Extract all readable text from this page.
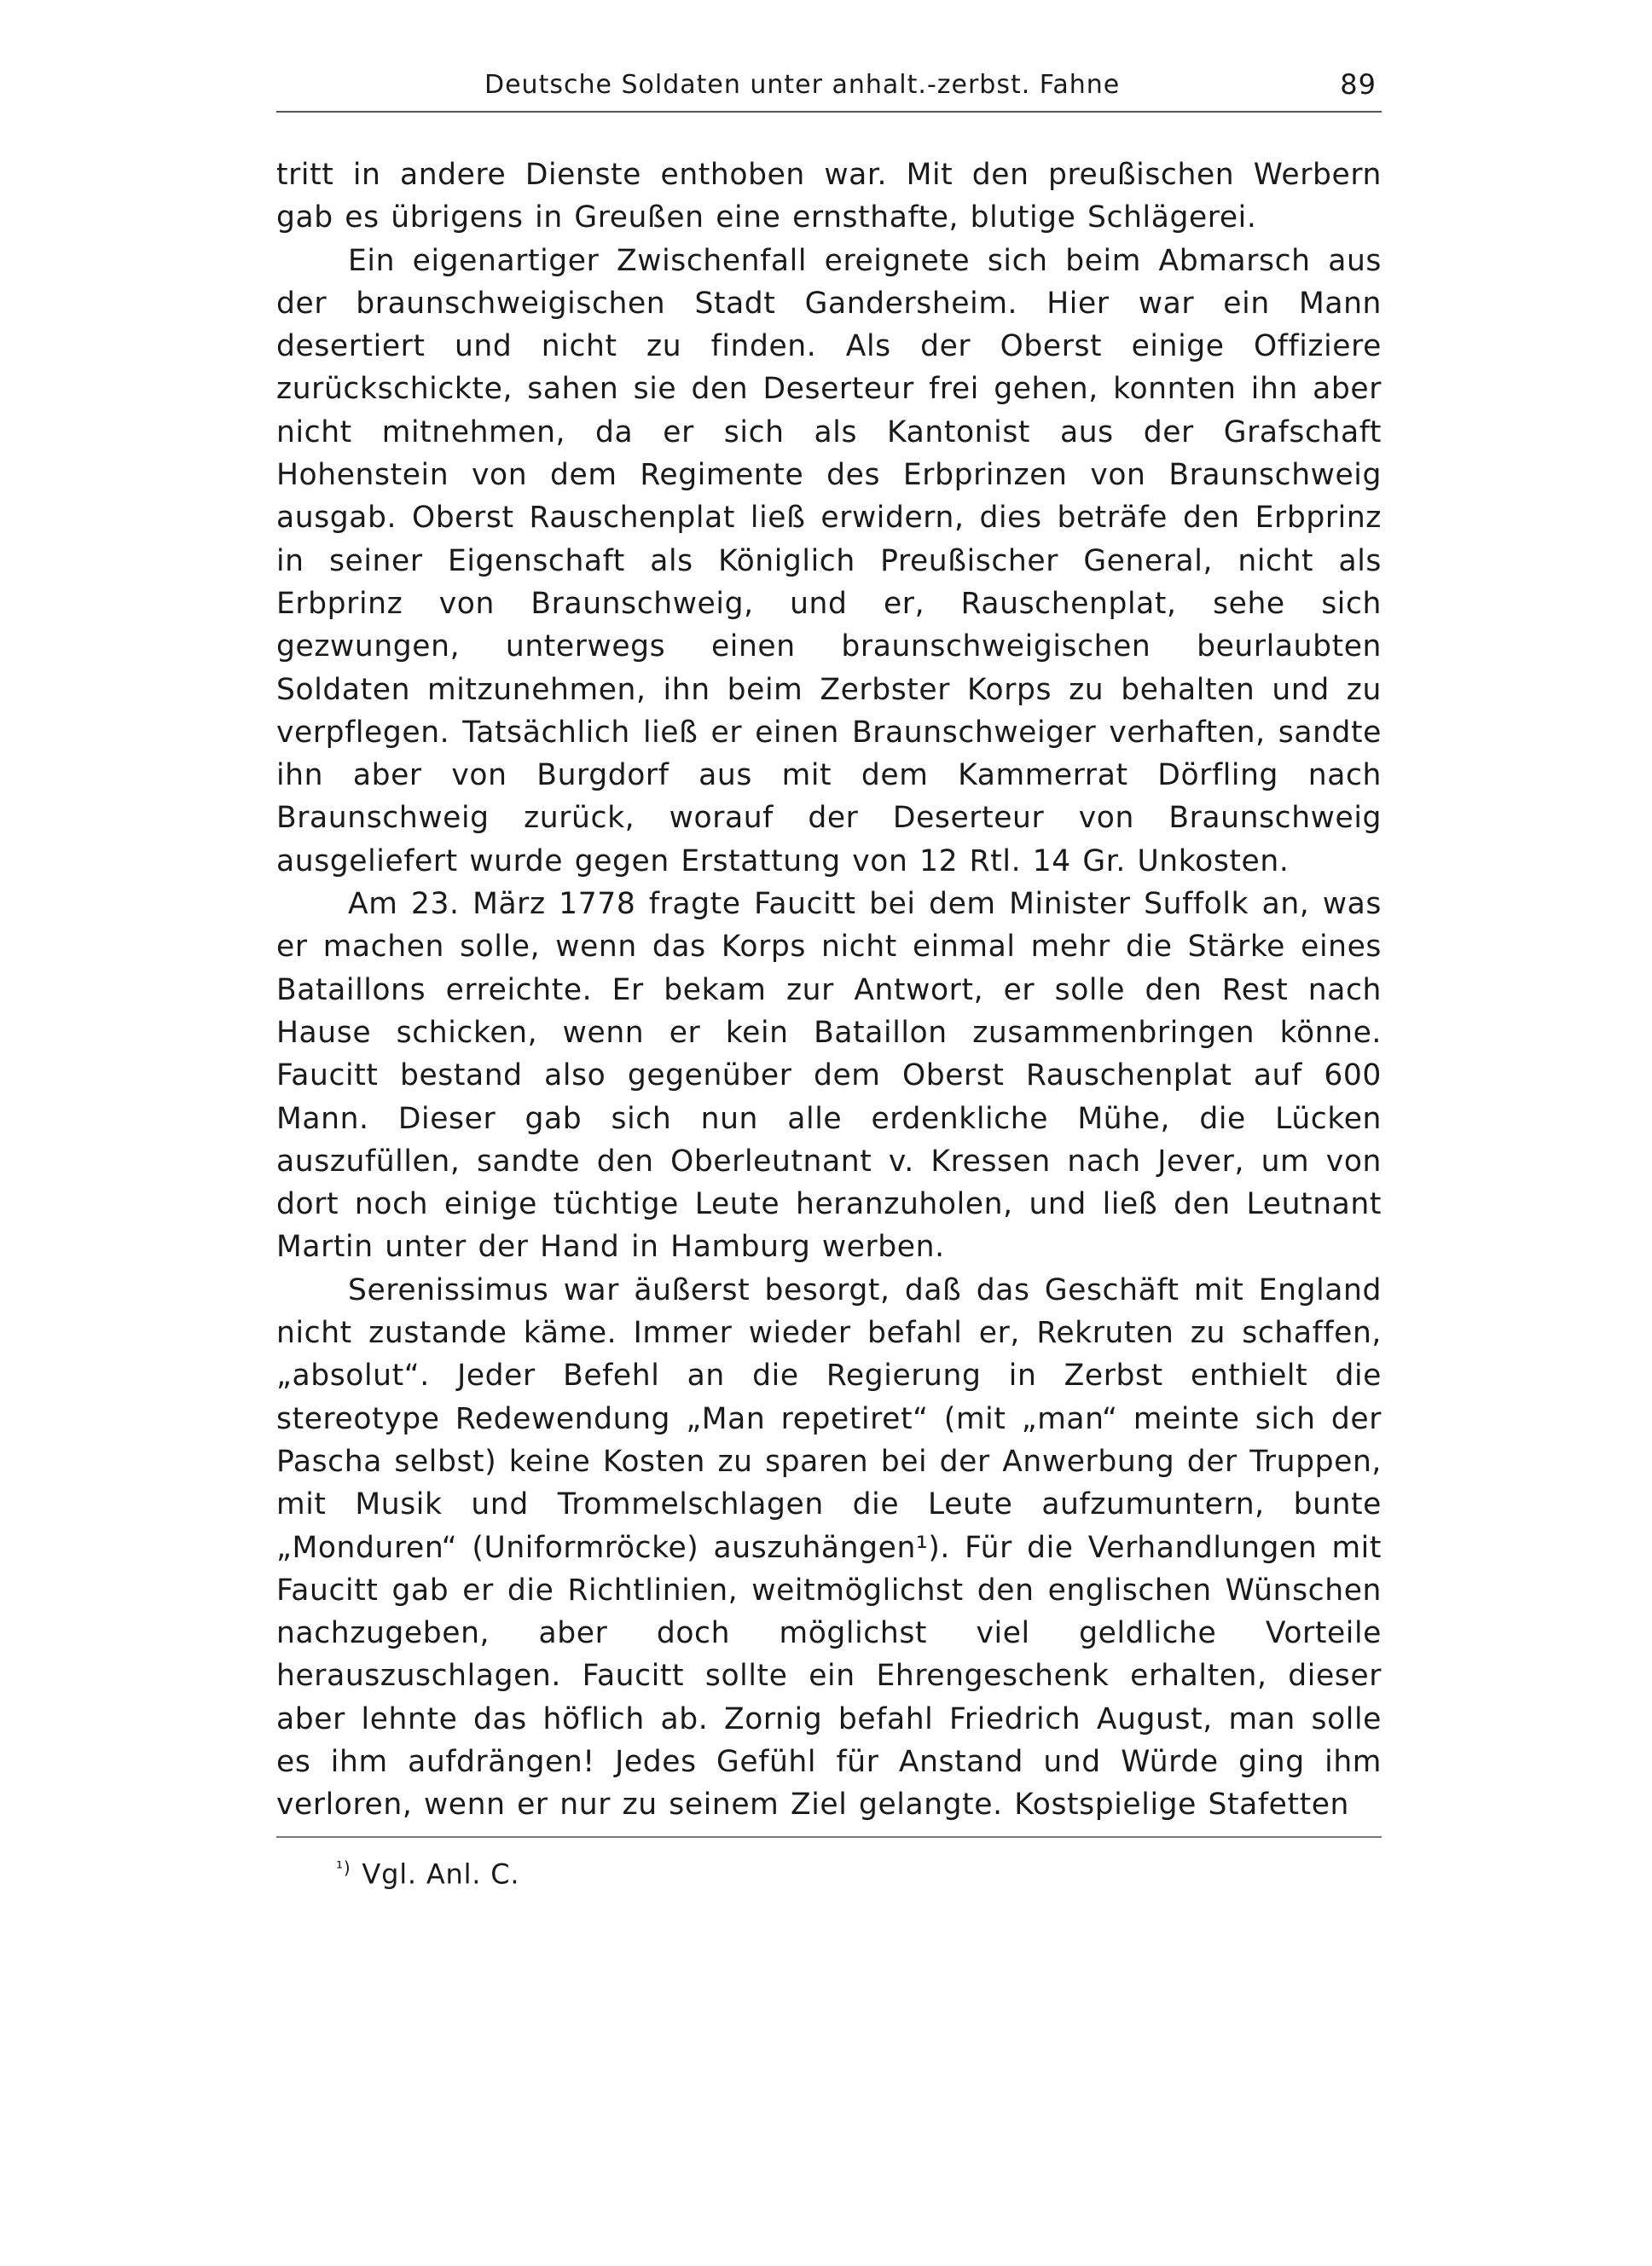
Deutsche Soldaten unter anhalt.-zerbst. Fahne	89

tritt in andere Dienste enthoben war. Mit den preußischen Werbern gab es übrigens in Greußen eine ernsthafte, blutige Schlägerei.

Ein eigenartiger Zwischenfall ereignete sich beim Abmarsch aus der braunschweigischen Stadt Gandersheim. Hier war ein Mann desertiert und nicht zu finden. Als der Oberst einige Offiziere zurückschickte, sahen sie den Deserteur frei gehen, konnten ihn aber nicht mitnehmen, da er sich als Kantonist aus der Grafschaft Hohenstein von dem Regimente des Erbprinzen von Braunschweig ausgab. Oberst Rauschenplat ließ erwidern, dies beträfe den Erbprinz in seiner Eigenschaft als Königlich Preußischer General, nicht als Erbprinz von Braunschweig, und er, Rauschenplat, sehe sich gezwungen, unterwegs einen braunschweigischen beurlaubten Soldaten mitzunehmen, ihn beim Zerbster Korps zu behalten und zu verpflegen. Tatsächlich ließ er einen Braunschweiger verhaften, sandte ihn aber von Burgdorf aus mit dem Kammerrat Dörfling nach Braunschweig zurück, worauf der Deserteur von Braunschweig ausgeliefert wurde gegen Erstattung von 12 Rtl. 14 Gr. Unkosten.

Am 23. März 1778 fragte Faucitt bei dem Minister Suffolk an, was er machen solle, wenn das Korps nicht einmal mehr die Stärke eines Bataillons erreichte. Er bekam zur Antwort, er solle den Rest nach Hause schicken, wenn er kein Bataillon zusammenbringen könne. Faucitt bestand also gegenüber dem Oberst Rauschenplat auf 600 Mann. Dieser gab sich nun alle erdenkliche Mühe, die Lücken auszufüllen, sandte den Oberleutnant v. Kressen nach Jever, um von dort noch einige tüchtige Leute heranzuholen, und ließ den Leutnant Martin unter der Hand in Hamburg werben.

Serenissimus war äußerst besorgt, daß das Geschäft mit England nicht zustande käme. Immer wieder befahl er, Rekruten zu schaffen, „absolut“. Jeder Befehl an die Regierung in Zerbst enthielt die stereotype Redewendung „Man repetiret“ (mit „man“ meinte sich der Pascha selbst) keine Kosten zu sparen bei der Anwerbung der Truppen, mit Musik und Trommelschlagen die Leute aufzumuntern, bunte „Monduren“ (Uniformröcke) auszuhängen¹). Für die Verhandlungen mit Faucitt gab er die Richtlinien, weitmöglichst den englischen Wünschen nachzugeben, aber doch möglichst viel geldliche Vorteile herauszuschlagen. Faucitt sollte ein Ehrengeschenk erhalten, dieser aber lehnte das höflich ab. Zornig befahl Friedrich August, man solle es ihm aufdrängen! Jedes Gefühl für Anstand und Würde ging ihm verloren, wenn er nur zu seinem Ziel gelangte. Kostspielige Stafetten

$^{^1)}$ Vgl. Anl. C.
